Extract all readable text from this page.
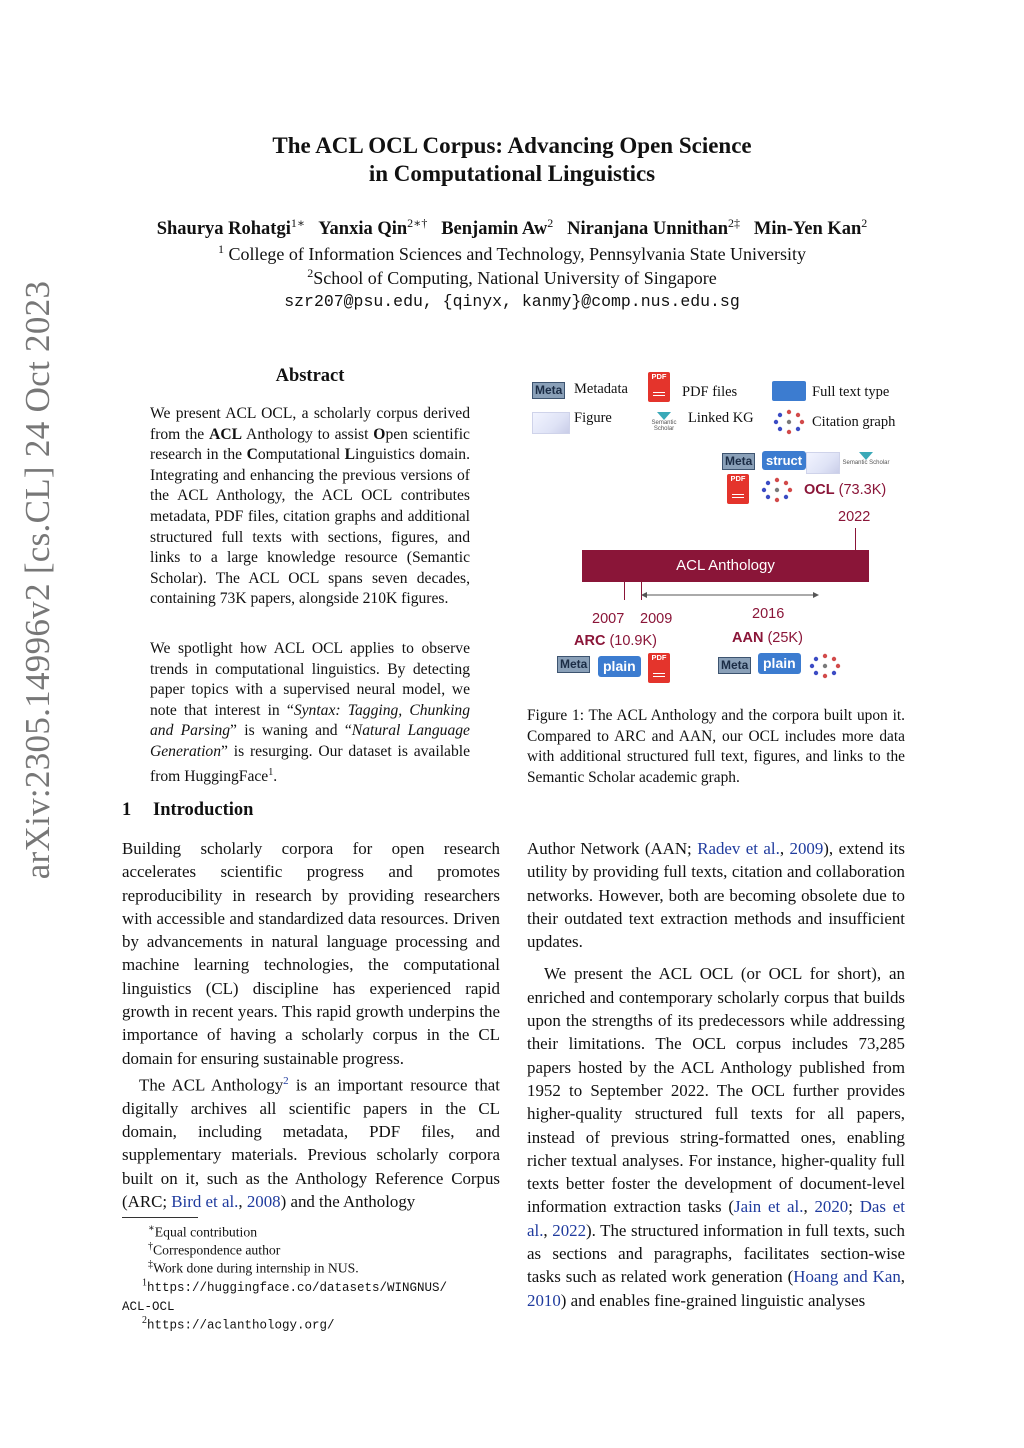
The ACL OCL Corpus: Advancing Open Science
in Computational Linguistics
Shaurya Rohatgi$^{1∗}$ Yanxia Qin$^{2∗\dagger}$ Benjamin Aw$^2$ Niranjana Unnithan$^{2\ddagger}$ Min-Yen Kan$^2$
$^1$ College of Information Sciences and Technology, Pennsylvania State University
$^2$School of Computing, National University of Singapore
szr207@psu.edu, {qinyx, kanmy}@comp.nus.edu.sg
arXiv:2305.14996v2 [cs.CL] 24 Oct 2023	Abstract
We present ACL OCL, a scholarly corpus derived from the ACL Anthology to assist Open scientific research in the Computational Linguistics domain. Integrating and enhancing the previous versions of the ACL Anthology, the ACL OCL contributes metadata, PDF files, citation graphs and additional structured full texts with sections, figures, and links to a large knowledge resource (Semantic Scholar). The ACL OCL spans seven decades, containing 73K papers, alongside 210K figures.
We spotlight how ACL OCL applies to observe trends in computational linguistics. By detecting paper topics with a supervised neural model, we note that interest in “Syntax: Tagging, Chunking and Parsing” is waning and “Natural Language Generation” is resurging. Our dataset is available from HuggingFace$^1$.
1 Introduction

Building scholarly corpora for open research accelerates scientific progress and promotes reproducibility in research by providing researchers with accessible and standardized data resources. Driven by advancements in natural language processing and machine learning technologies, the computational linguistics (CL) discipline has experienced rapid growth in recent years. This rapid growth underpins the importance of having a scholarly corpus in the CL domain for ensuring sustainable progress.

The ACL Anthology$^2$ is an important resource that digitally archives all scientific papers in the CL domain, including metadata, PDF files, and supplementary materials. Previous scholarly corpora built on it, such as the Anthology Reference Corpus (ARC; Bird et al., 2008) and the Anthology

∗Equal contribution
†Correspondence author
‡Work done during internship in NUS.
$^1$https://huggingface.co/datasets/WINGNUS/
ACL-OCL
$^2$https://aclanthology.org/

Author Network (AAN; Radev et al., 2009), extend its utility by providing full texts, citation and collaboration networks. However, both are becoming obsolete due to their outdated text extraction methods and insufficient updates.

We present the ACL OCL (or OCL for short), an enriched and contemporary scholarly corpus that builds upon the strengths of its predecessors while addressing their limitations. The OCL corpus includes 73,285 papers hosted by the ACL Anthology published from 1952 to September 2022. The OCL further provides higher-quality structured full texts for all papers, instead of previous string-formatted ones, enabling richer textual analyses. For instance, higher-quality full texts better foster the development of document-level information extraction tasks (Jain et al., 2020; Das et al., 2022). The structured information in full texts, such as sections and paragraphs, facilitates section-wise tasks such as related work generation (Hoang and Kan, 2010) and enables fine-grained linguistic analyses

Meta Metadata
PDF
PDF files	Full text type
Figure	Semantic Scholar
Linked KG	Citation graph
Meta	struct	Semantic Scholar
PDF
OCL (73.3K)
2022
ACL Anthology
2007 2009	2016
ARC (10.9K)
Meta	plain
PDF
AAN (25K)
Meta	plain
Figure 1: The ACL Anthology and the corpora built upon it. Compared to ARC and AAN, our OCL includes more data with additional structured full text, figures, and links to the Semantic Scholar academic graph.
